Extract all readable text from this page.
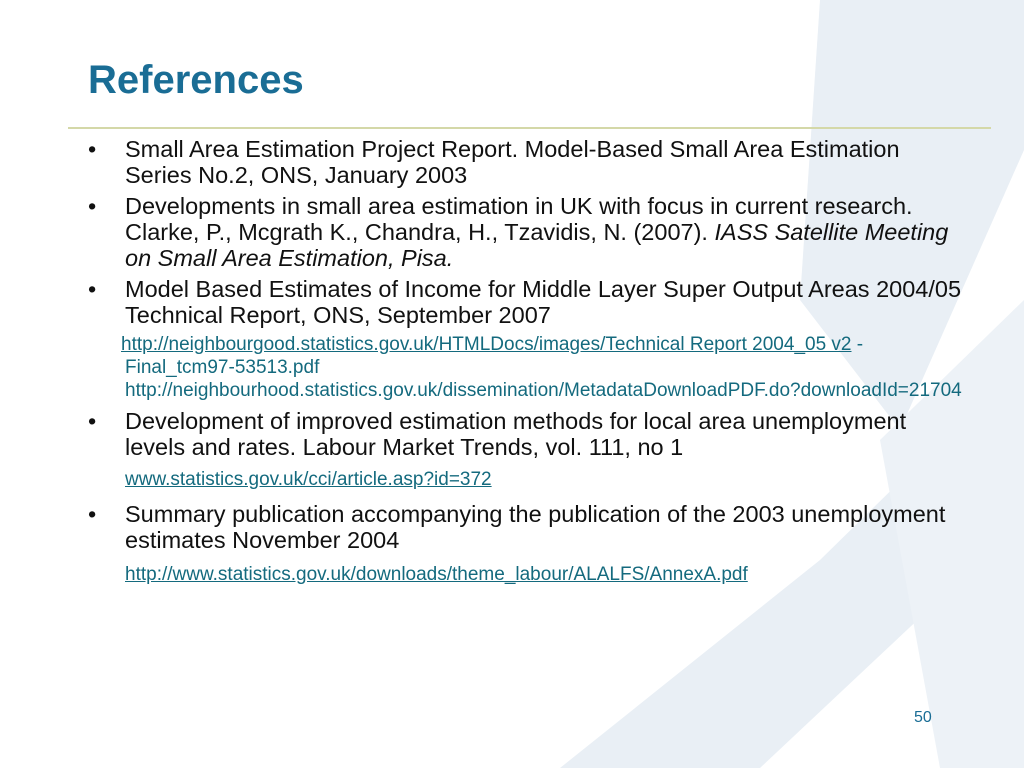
References
•	Small Area Estimation Project Report. Model-Based Small Area Estimation Series No.2, ONS, January 2003
•	Developments in small area estimation in UK with focus in current research. Clarke, P., Mcgrath K., Chandra, H., Tzavidis, N. (2007). IASS Satellite Meeting on Small Area Estimation, Pisa.
•	Model Based Estimates of Income for Middle Layer Super Output Areas 2004/05 Technical Report, ONS, September 2007
http://neighbourgood.statistics.gov.uk/HTMLDocs/images/Technical Report 2004_05 v2 - Final_tcm97-53513.pdf
http://neighbourhood.statistics.gov.uk/dissemination/MetadataDownloadPDF.do?downloadId=21704
•	Development of improved estimation methods for local area unemployment levels and rates. Labour Market Trends, vol. 111, no 1
www.statistics.gov.uk/cci/article.asp?id=372
•	Summary publication accompanying the publication of the 2003 unemployment estimates November 2004
http://www.statistics.gov.uk/downloads/theme_labour/ALALFS/AnnexA.pdf
50
